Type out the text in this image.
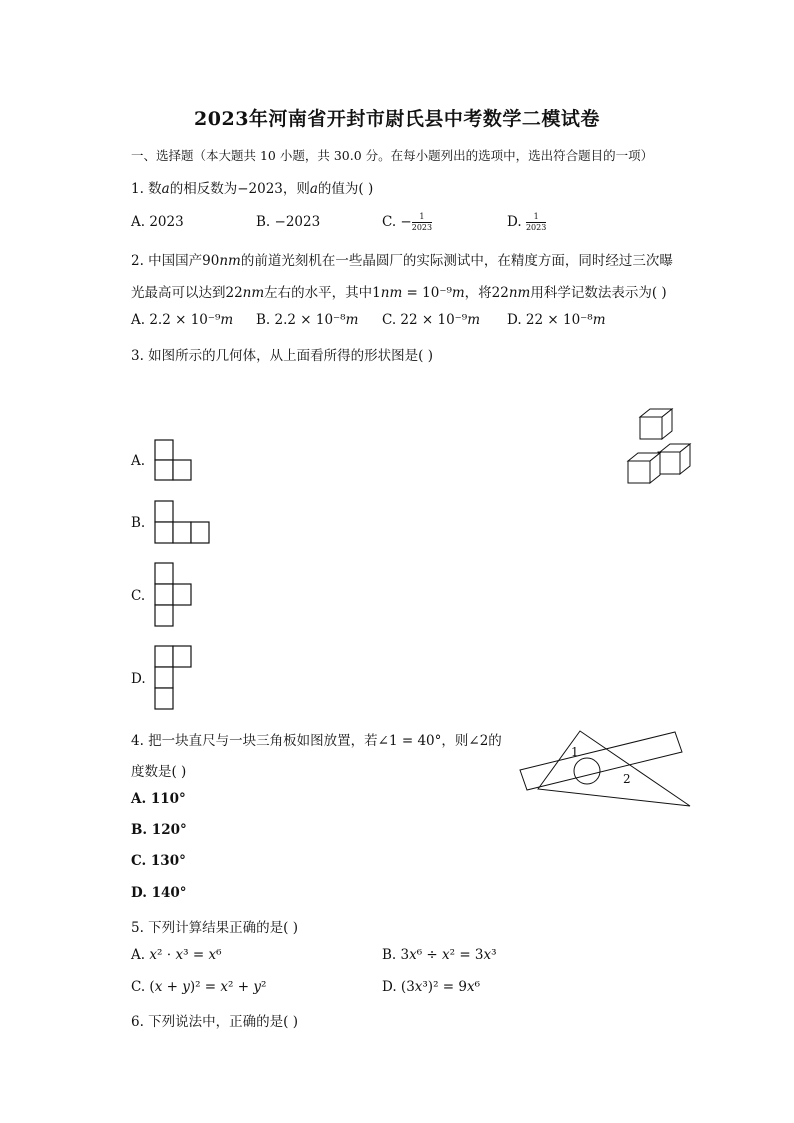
2023年河南省开封市尉氏县中考数学二模试卷
一、选择题（本大题共 10 小题，共 30.0 分。在每小题列出的选项中，选出符合题目的一项）
1. 数𝑎的相反数为−2023，则𝑎的值为( )
A. 2023	B. −2023	C. − $\frac{1}{2023}$	D. $\frac{1}{2023}$
2. 中国国产90𝑛𝑚的前道光刻机在一些晶圆厂的实际测试中，在精度方面，同时经过三次曝
光最高可以达到22𝑛𝑚左右的水平，其中1𝑛𝑚 = 10⁻⁹𝑚，将22𝑛𝑚用科学记数法表示为( )
A. 2.2 × 10⁻⁹𝑚 B. 2.2 × 10⁻⁸𝑚 C. 22 × 10⁻⁹𝑚 D. 22 × 10⁻⁸𝑚
3. 如图所示的几何体，从上面看所得的形状图是( )
A.
B.
C.
D.
4. 把一块直尺与一块三角板如图放置，若∠1 = 40°，则∠2的
度数是( )
A. 110°
B. 120°
C. 130°
D. 140°
1
2
5. 下列计算结果正确的是( )
A. 𝑥² ⋅ 𝑥³ = 𝑥⁶	B. 3𝑥⁶ ÷ 𝑥² = 3𝑥³
C. (𝑥 + 𝑦)² = 𝑥² + 𝑦²	D. (3𝑥³)² = 9𝑥⁶
6. 下列说法中，正确的是( )
